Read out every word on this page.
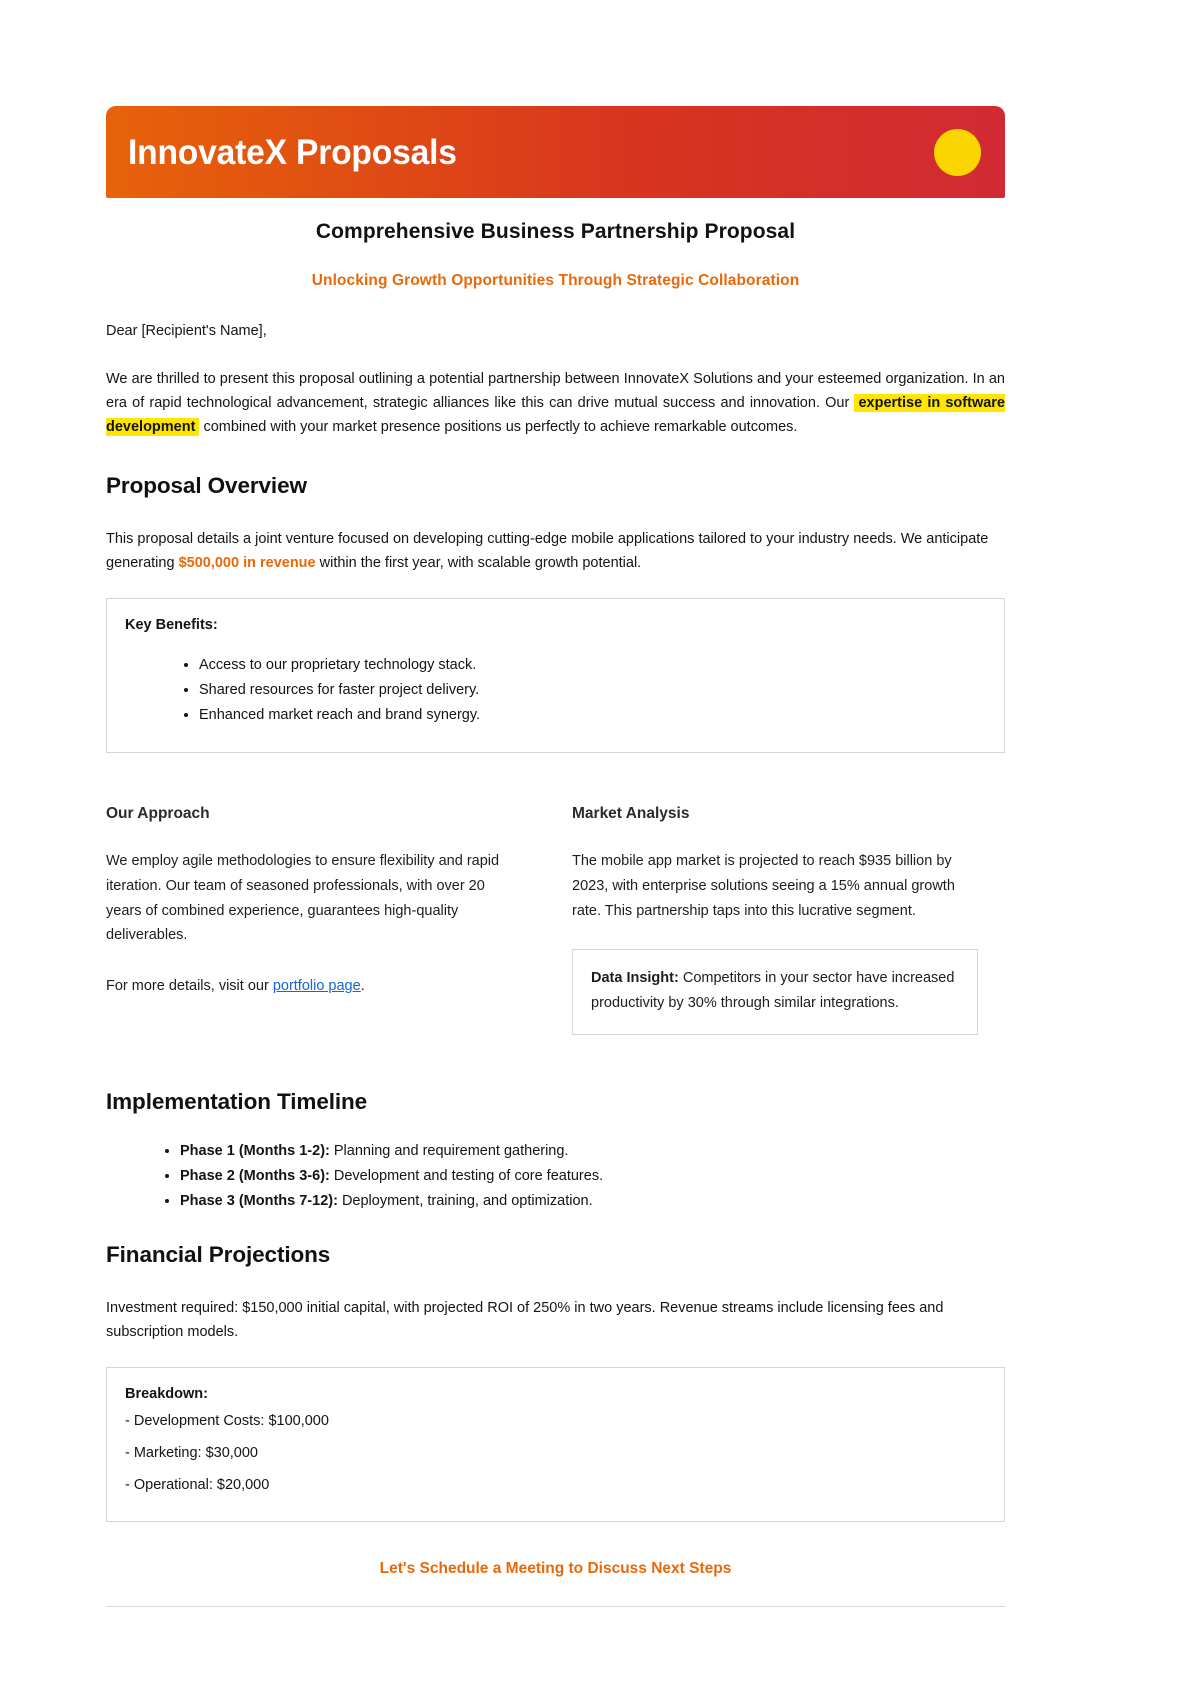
InnovateX Proposals
Comprehensive Business Partnership Proposal
Unlocking Growth Opportunities Through Strategic Collaboration
Dear [Recipient's Name],

We are thrilled to present this proposal outlining a potential partnership between InnovateX Solutions and your esteemed organization. In an era of rapid technological advancement, strategic alliances like this can drive mutual success and innovation. Our expertise in software development combined with your market presence positions us perfectly to achieve remarkable outcomes.

Proposal Overview

This proposal details a joint venture focused on developing cutting-edge mobile applications tailored to your industry needs. We anticipate generating $500,000 in revenue within the first year, with scalable growth potential.

Key Benefits:
• Access to our proprietary technology stack.
• Shared resources for faster project delivery.
• Enhanced market reach and brand synergy.
Our Approach

We employ agile methodologies to ensure flexibility and rapid iteration. Our team of seasoned professionals, with over 20 years of combined experience, guarantees high-quality deliverables.

For more details, visit our portfolio page.

Market Analysis

The mobile app market is projected to reach $935 billion by 2023, with enterprise solutions seeing a 15% annual growth rate. This partnership taps into this lucrative segment.

Data Insight: Competitors in your sector have increased productivity by 30% through similar integrations.

Implementation Timeline
• Phase 1 (Months 1-2): Planning and requirement gathering.
• Phase 2 (Months 3-6): Development and testing of core features.
• Phase 3 (Months 7-12): Deployment, training, and optimization.
Financial Projections

Investment required: $150,000 initial capital, with projected ROI of 250% in two years. Revenue streams include licensing fees and subscription models.

Breakdown:
- Development Costs: $100,000
- Marketing: $30,000
- Operational: $20,000
Let's Schedule a Meeting to Discuss Next Steps
